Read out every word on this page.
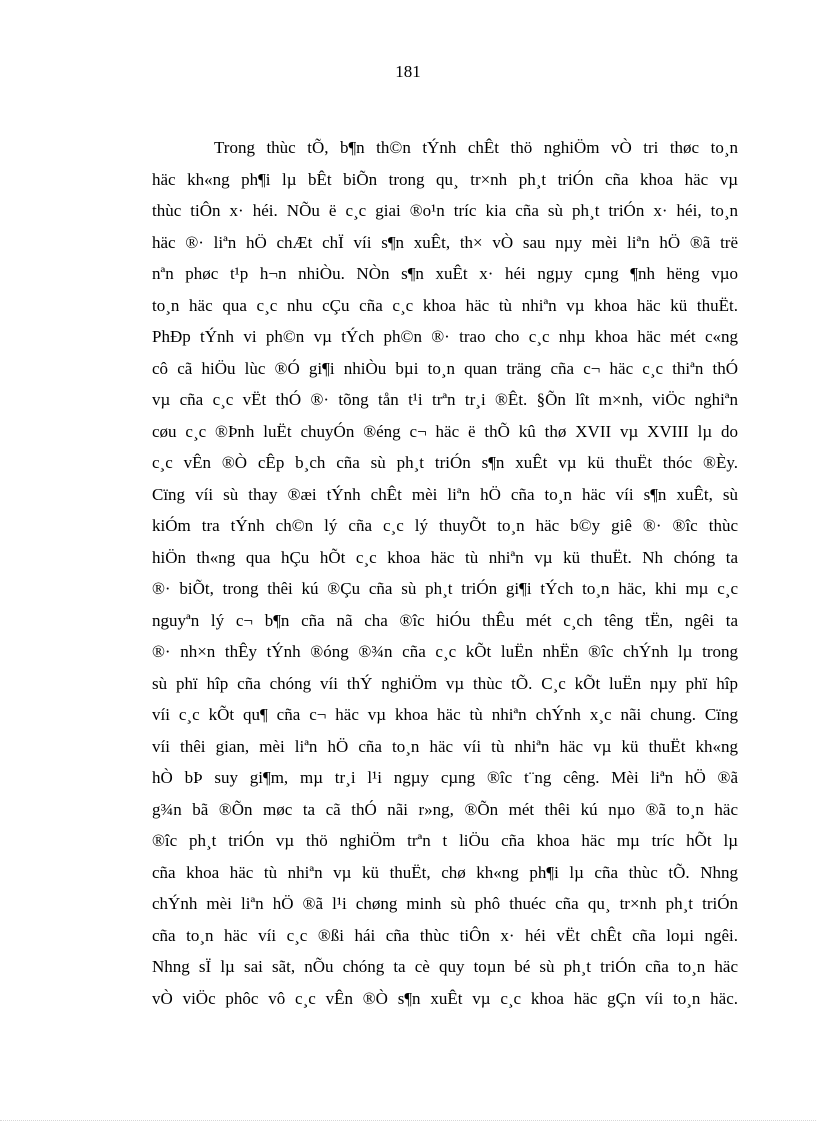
181
Trong thùc tÕ, b¶n th©n tÝnh chÊt thö nghiÖm vÒ tri thøc to¸n
häc kh«ng ph¶i lµ bÊt biÕn trong qu¸ tr×nh ph¸t triÓn cña khoa häc vµ
thùc tiÔn x· héi. NÕu ë c¸c giai ®o¹n tríc kia cña sù ph¸t triÓn x· héi, to¸n
häc ®· liªn hÖ chÆt chÏ víi s¶n xuÊt, th× vÒ sau nµy mèi liªn hÖ ®ã trë
nªn phøc t¹p h¬n nhiÒu. NÒn s¶n xuÊt x· héi ngµy cµng ¶nh hëng vµo
to¸n häc qua c¸c nhu cÇu cña c¸c khoa häc tù nhiªn vµ khoa häc kü thuËt.
PhÐp tÝnh vi ph©n vµ tÝch ph©n ®· trao cho c¸c nhµ khoa häc mét c«ng
cô cã hiÖu lùc ®Ó gi¶i nhiÒu bµi to¸n quan träng cña c¬ häc c¸c thiªn thÓ
vµ cña c¸c vËt thÓ ®· tõng tån t¹i trªn tr¸i ®Êt. §Õn lît m×nh, viÖc nghiªn
cøu c¸c ®Þnh luËt chuyÓn ®éng c¬ häc ë thÕ kû thø XVII vµ XVIII lµ do
c¸c vÊn ®Ò cÊp b¸ch cña sù ph¸t triÓn s¶n xuÊt vµ kü thuËt thóc ®Èy.
Cïng víi sù thay ®æi tÝnh chÊt mèi liªn hÖ cña to¸n häc víi s¶n xuÊt, sù
kiÓm tra tÝnh ch©n lý cña c¸c lý thuyÕt to¸n häc b©y giê ®· ®îc thùc
hiÖn th«ng qua hÇu hÕt c¸c khoa häc tù nhiªn vµ kü thuËt. Nh chóng ta
®· biÕt, trong thêi kú ®Çu cña sù ph¸t triÓn gi¶i tÝch to¸n häc, khi mµ c¸c
nguyªn lý c¬ b¶n cña nã cha ®îc hiÓu thÊu mét c¸ch têng tËn, ngêi ta
®· nh×n thÊy tÝnh ®óng ®¾n cña c¸c kÕt luËn nhËn ®îc chÝnh lµ trong
sù phï hîp cña chóng víi thÝ nghiÖm vµ thùc tÕ. C¸c kÕt luËn nµy phï hîp
víi c¸c kÕt qu¶ cña c¬ häc vµ khoa häc tù nhiªn chÝnh x¸c nãi chung. Cïng
víi thêi gian, mèi liªn hÖ cña to¸n häc víi tù nhiªn häc vµ kü thuËt kh«ng
hÒ bÞ suy gi¶m, mµ tr¸i l¹i ngµy cµng ®îc t¨ng cêng. Mèi liªn hÖ ®ã
g¾n bã ®Õn møc ta cã thÓ nãi r»ng, ®Õn mét thêi kú nµo ®ã to¸n häc
®îc ph¸t triÓn vµ thö nghiÖm trªn t liÖu cña khoa häc mµ tríc hÕt lµ
cña khoa häc tù nhiªn vµ kü thuËt, chø kh«ng ph¶i lµ cña thùc tÕ. Nhng
chÝnh mèi liªn hÖ ®ã l¹i chøng minh sù phô thuéc cña qu¸ tr×nh ph¸t triÓn
cña to¸n häc víi c¸c ®ßi hái cña thùc tiÔn x· héi vËt chÊt cña loµi ngêi.
Nhng sÏ lµ sai sãt, nÕu chóng ta cè quy toµn bé sù ph¸t triÓn cña to¸n häc
vÒ viÖc phôc vô c¸c vÊn ®Ò s¶n xuÊt vµ c¸c khoa häc gÇn víi to¸n häc.
